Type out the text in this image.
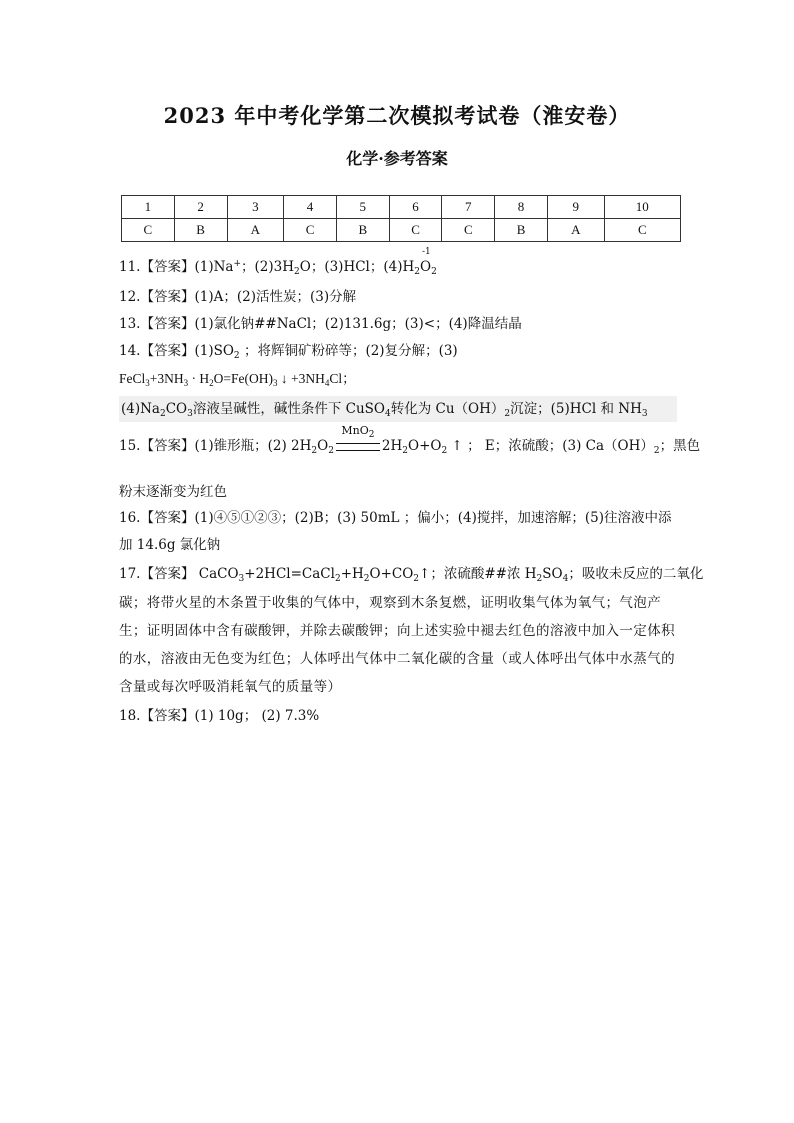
2023 年中考化学第二次模拟考试卷（淮安卷）
化学·参考答案
1	2	3	4	5	6	7	8	9	10
C	B	A	C	B	C	C	B	A	C
11.【答案】(1)Na+；$(2)3H_2O$；(3)HCl；$(4)H_2$
-1
$O_2$
12.【答案】(1)A；(2)活性炭；(3)分解
13.【答案】(1)氯化钠##NaCl；(2)131.6g；(3)<；(4)降温结晶
14.【答案】$(1)SO_2$ ；将辉铜矿粉碎等；(2)复分解；(3)
$FeCl_3+3NH_3 \cdot H_2O=Fe(OH)_3$ ↓ $+3NH_4Cl$；
$(4)Na_2CO_3$溶液呈碱性，碱性条件下 CuSO$_4$转化为 $Cu(OH)_2$沉淀；(5)HCl 和 $NH_3$
15.【答案】(1)锥形瓶；(2) $2H_2O_2$
MnO$_2$
$2H_2O+O_2$ ↑ ； E；浓硫酸；(3) $Ca(OH)_2$；黑色
粉末逐渐变为红色
16.【答案】(1)④⑤①②③；(2)B；(3) 50mL ；偏小；(4)搅拌，加速溶解；(5)往溶液中添
加 14.6g 氯化钠
17.【答案】 $CaCO_3+2HCl=CaCl_2+H_2O+CO_2↑$；浓硫酸##浓 $H_2SO_4$；吸收未反应的二氧化
碳；将带火星的木条置于收集的气体中，观察到木条复燃，证明收集气体为氧气；气泡产生；证明固体中含有碳酸钾，并除去碳酸钾；向上述实验中褪去红色的溶液中加入一定体积的水，溶液由无色变为红色；人体呼出气体中二氧化碳的含量（或人体呼出气体中水蒸气的含量或每次呼吸消耗氧气的质量等）
18.【答案】(1) 10g； (2) 7.3%
